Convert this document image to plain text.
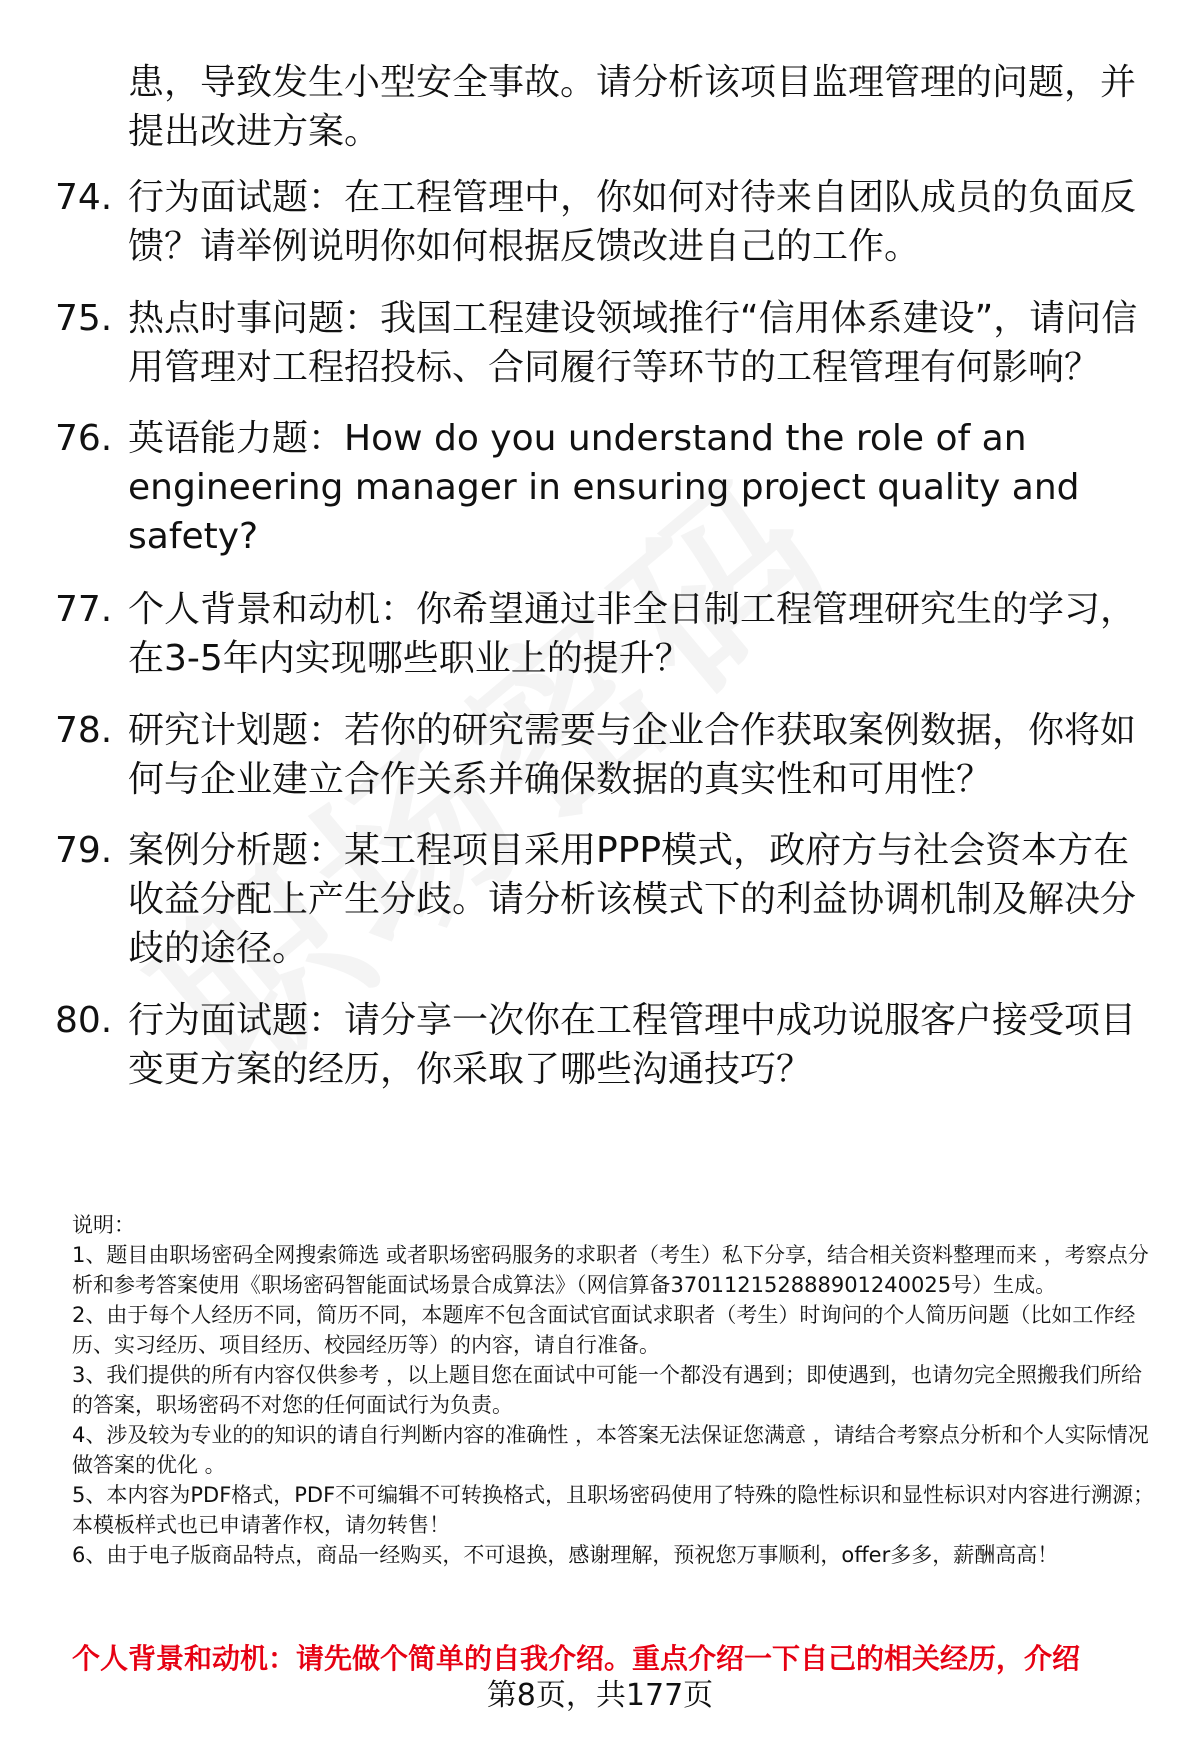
患，导致发生小型安全事故。请分析该项目监理管理的问题，并提出改进方案。
74. 行为面试题：在工程管理中，你如何对待来自团队成员的负面反馈？请举例说明你如何根据反馈改进自己的工作。
75. 热点时事问题：我国工程建设领域推行“信用体系建设”，请问信用管理对工程招投标、合同履行等环节的工程管理有何影响？
76. 英语能力题：How do you understand the role of an engineering manager in ensuring project quality and safety?
77. 个人背景和动机：你希望通过非全日制工程管理研究生的学习，在3-5年内实现哪些职业上的提升？
78. 研究计划题：若你的研究需要与企业合作获取案例数据，你将如何与企业建立合作关系并确保数据的真实性和可用性？
79. 案例分析题：某工程项目采用PPP模式，政府方与社会资本方在收益分配上产生分歧。请分析该模式下的利益协调机制及解决分歧的途径。
80. 行为面试题：请分享一次你在工程管理中成功说服客户接受项目变更方案的经历，你采取了哪些沟通技巧？

说明：

1、题目由职场密码全网搜索筛选 或者职场密码服务的求职者（考生）私下分享，结合相关资料整理而来 ，考察点分析和参考答案使用《职场密码智能面试场景合成算法》（网信算备370112152888901240025号）生成。

2、由于每个人经历不同，简历不同，本题库不包含面试官面试求职者（考生）时询问的个人简历问题（比如工作经历、实习经历、项目经历、校园经历等）的内容，请自行准备。

3、我们提供的所有内容仅供参考 ，以上题目您在面试中可能一个都没有遇到；即使遇到，也请勿完全照搬我们所给的答案，职场密码不对您的任何面试行为负责。

4、涉及较为专业的的知识的请自行判断内容的准确性 ，本答案无法保证您满意 ，请结合考察点分析和个人实际情况做答案的优化 。

5、本内容为PDF格式，PDF不可编辑不可转换格式，且职场密码使用了特殊的隐性标识和显性标识对内容进行溯源；本模板样式也已申请著作权，请勿转售！

6、由于电子版商品特点，商品一经购买，不可退换，感谢理解，预祝您万事顺利，offer多多，薪酬高高！

个人背景和动机：请先做个简单的自我介绍。重点介绍一下自己的相关经历，介绍
第8页，共177页
